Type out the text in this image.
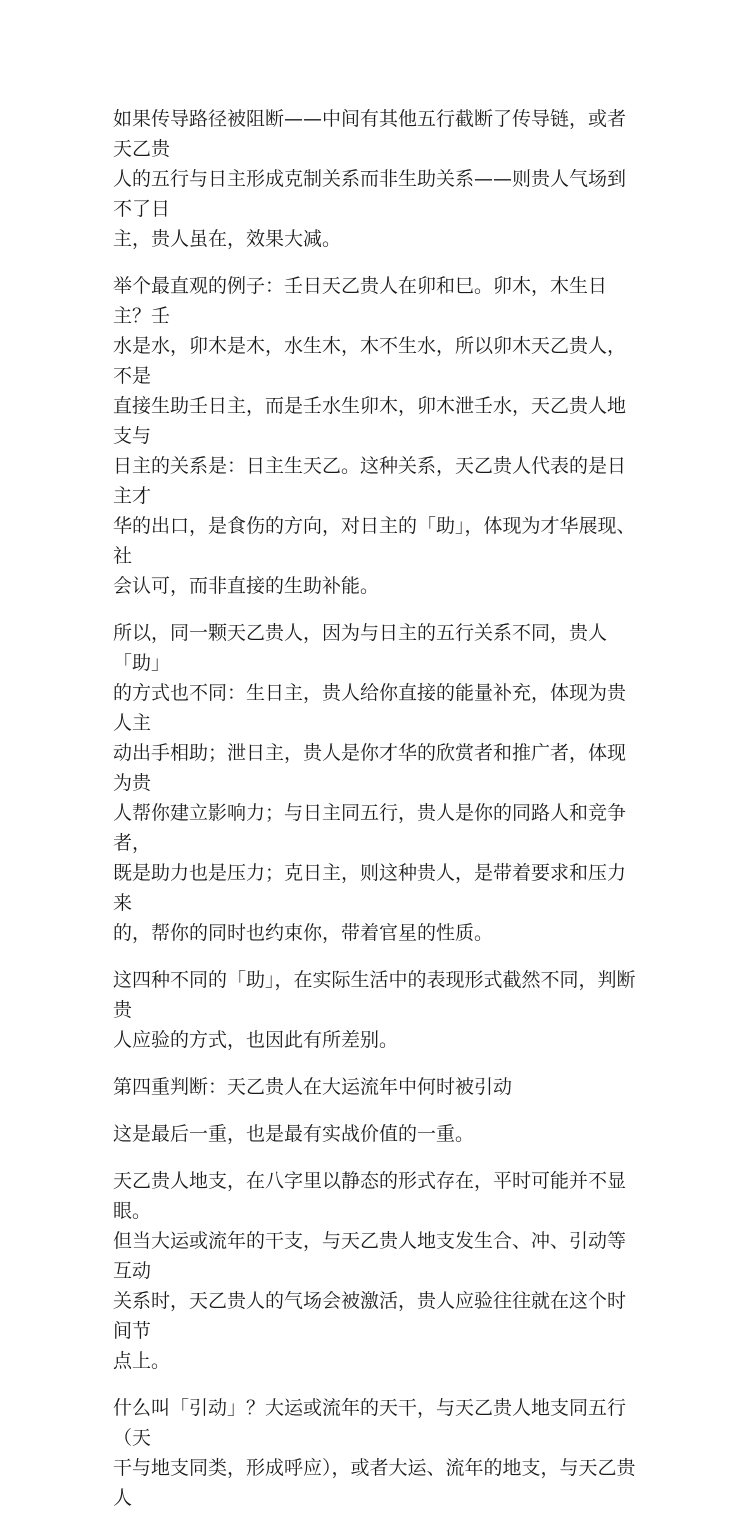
如果传导路径被阻断——中间有其他五行截断了传导链，或者天乙贵
人的五行与日主形成克制关系而非生助关系——则贵人气场到不了日
主，贵人虽在，效果大减。

举个最直观的例子：壬日天乙贵人在卯和巳。卯木，木生日主？壬
水是水，卯木是木，水生木，木不生水，所以卯木天乙贵人，不是
直接生助壬日主，而是壬水生卯木，卯木泄壬水，天乙贵人地支与
日主的关系是：日主生天乙。这种关系，天乙贵人代表的是日主才
华的出口，是食伤的方向，对日主的「助」，体现为才华展现、社
会认可，而非直接的生助补能。

所以，同一颗天乙贵人，因为与日主的五行关系不同，贵人「助」
的方式也不同：生日主，贵人给你直接的能量补充，体现为贵人主
动出手相助；泄日主，贵人是你才华的欣赏者和推广者，体现为贵
人帮你建立影响力；与日主同五行，贵人是你的同路人和竞争者，
既是助力也是压力；克日主，则这种贵人，是带着要求和压力来
的，帮你的同时也约束你，带着官星的性质。

这四种不同的「助」，在实际生活中的表现形式截然不同，判断贵
人应验的方式，也因此有所差别。

第四重判断：天乙贵人在大运流年中何时被引动

这是最后一重，也是最有实战价值的一重。

天乙贵人地支，在八字里以静态的形式存在，平时可能并不显眼。
但当大运或流年的干支，与天乙贵人地支发生合、冲、引动等互动
关系时，天乙贵人的气场会被激活，贵人应验往往就在这个时间节
点上。

什么叫「引动」？大运或流年的天干，与天乙贵人地支同五行（天
干与地支同类，形成呼应），或者大运、流年的地支，与天乙贵人
